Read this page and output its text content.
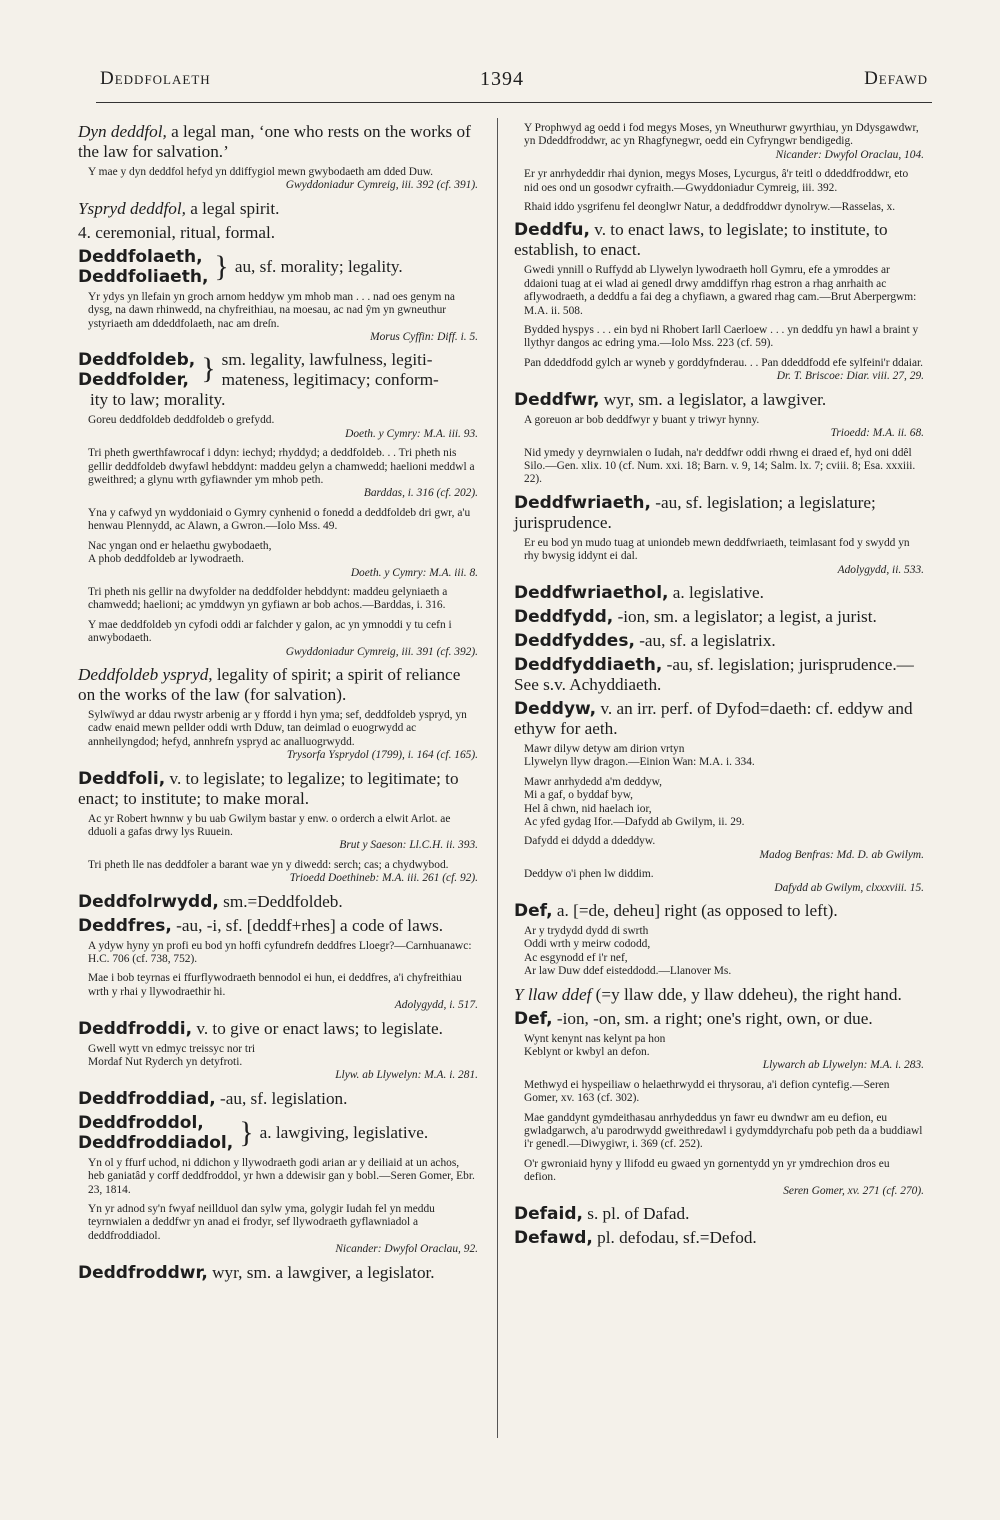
Deddfolaeth	1394	Defawd

Dyn deddfol, a legal man, ‘one who rests on the works of the law for salvation.’

Y mae y dyn deddfol hefyd yn ddiffygiol mewn gwybodaeth am dded Duw.
Gwyddoniadur Cymreig, iii. 392 (cf. 391).

Yspryd deddfol, a legal spirit.

4. ceremonial, ritual, formal.

Deddfolaeth,
Deddfoliaeth, } au, sf. morality; legality.
Yr ydys yn llefain yn groch arnom heddyw ym mhob man . . . nad oes genym na dysg, na dawn rhinwedd, na chyfreithiau, na moesau, ac nad ŷm yn gwneuthur ystyriaeth am ddeddfolaeth, nac am dreſn.
Morus Cyffin: Diff. i. 5.
Deddfoldeb,
Deddfolder, } sm. legality, lawfulness, legiti-
mateness, legitimacy; conform-
ity to law; morality.
Goreu deddfoldeb deddfoldeb o grefydd.
Doeth. y Cymry: M.A. iii. 93.
Tri pheth gwerthfawrocaf i ddyn: iechyd; rhyddyd; a deddfoldeb. . . Tri pheth nis gellir deddfoldeb dwyfawl hebddynt: maddeu gelyn a chamwedd; haelioni meddwl a gweithred; a glynu wrth gyfiawnder ym mhob peth.
Barddas, i. 316 (cf. 202).
Yna y cafwyd yn wyddoniaid o Gymry cynhenid o fonedd a deddfoldeb dri gwr, a'u henwau Plennydd, ac Alawn, a Gwron.—Iolo Mss. 49.
Nac yngan ond er helaethu gwybodaeth,
A phob deddfoldeb ar lywodraeth.
Doeth. y Cymry: M.A. iii. 8.
Tri pheth nis gellir na dwyfolder na deddfolder hebddynt: maddeu gelyniaeth a chamwedd; haelioni; ac ymddwyn yn gyfiawn ar bob achos.—Barddas, i. 316.
Y mae deddfoldeb yn cyfodi oddi ar falchder y galon, ac yn ymnoddi y tu cefn i anwybodaeth.
Gwyddoniadur Cymreig, iii. 391 (cf. 392).

Deddfoldeb yspryd, legality of spirit; a spirit of reliance on the works of the law (for salvation).

Sylwïwyd ar ddau rwystr arbenig ar y ffordd i hyn yma; sef, deddfoldeb yspryd, yn cadw enaid mewn pellder oddi wrth Dduw, tan deimlad o euogrwydd ac annheilyngdod; hefyd, annhrefn yspryd ac analluogrwydd.
Trysorfa Ysprydol (1799), i. 164 (cf. 165).

Deddfoli, v. to legislate; to legalize; to legitimate; to enact; to institute; to make moral.

Ac yr Robert hwnnw y bu uab Gwilym bastar y enw. o orderch a elwit Arlot. ae dduoli a gafas drwy lys Ruuein.
Brut y Saeson: Ll.C.H. ii. 393.
Tri pheth lle nas deddfoler a barant wae yn y diwedd: serch; cas; a chydwybod.
Trioedd Doethineb: M.A. iii. 261 (cf. 92).

Deddfolrwydd, sm.=Deddfoldeb.

Deddfres, -au, -i, sf. [deddf+rhes] a code of laws.

A ydyw hyny yn profi eu bod yn hoffi cyfundrefn deddfres Lloegr?—Carnhuanawc: H.C. 706 (cf. 738, 752).
Mae i bob teyrnas ei ffurflywodraeth bennodol ei hun, ei deddfres, a'i chyfreithiau wrth y rhai y llywodraethir hi.
Adolygydd, i. 517.

Deddfroddi, v. to give or enact laws; to legislate.

Gwell wytt vn edmyc treissyc nor tri
Mordaf Nut Ryderch yn detyfroti.
Llyw. ab Llywelyn: M.A. i. 281.

Deddfroddiad, -au, sf. legislation.

Deddfroddol,
Deddfroddiadol, } a. lawgiving, legislative.
Yn ol y ffurf uchod, ni ddichon y llywodraeth godi arian ar y deiliaid at un achos, heb ganiatâd y corff deddfroddol, yr hwn a ddewisir gan y bobl.—Seren Gomer, Ebr. 23, 1814.
Yn yr adnod sy'n fwyaf neillduol dan sylw yma, golygir Iudah fel yn meddu teyrnwialen a deddfwr yn anad ei frodyr, sef llywodraeth gyflawniadol a deddfroddiadol.
Nicander: Dwyfol Oraclau, 92.

Deddfroddwr, wyr, sm. a lawgiver, a legislator.

Y Prophwyd ag oedd i fod megys Moses, yn Wneuthurwr gwyrthiau, yn Ddysgawdwr, yn Ddeddfroddwr, ac yn Rhagfynegwr, oedd ein Cyfryngwr bendigedig.
Nicander: Dwyfol Oraclau, 104.
Er yr anrhydeddir rhai dynion, megys Moses, Lycurgus, â'r teitl o ddeddfroddwr, eto nid oes ond un gosodwr cyfraith.—Gwyddoniadur Cymreig, iii. 392.
Rhaid iddo ysgrifenu fel deonglwr Natur, a deddfroddwr dynolryw.—Rasselas, x.

Deddfu, v. to enact laws, to legislate; to institute, to establish, to enact.

Gwedi ynnill o Ruffydd ab Llywelyn lywodraeth holl Gymru, efe a ymroddes ar ddaioni tuag at ei wlad ai genedl drwy amddiffyn rhag estron a rhag anrhaith ac aflywodraeth, a deddfu a fai deg a chyfiawn, a gwared rhag cam.—Brut Aberpergwm: M.A. ii. 508.
Bydded hyspys . . . ein byd ni Rhobert Iarll Caerloew . . . yn deddfu yn hawl a braint y llythyr dangos ac edring yma.—Iolo Mss. 223 (cf. 59).
Pan ddeddfodd gylch ar wyneb y gorddyfnderau. . . Pan ddeddfodd efe sylfeini'r ddaiar.
Dr. T. Briscoe: Diar. viii. 27, 29.

Deddfwr, wyr, sm. a legislator, a lawgiver.

A goreuon ar bob deddfwyr y buant y triwyr hynny.
Trioedd: M.A. ii. 68.
Nid ymedy y deyrnwialen o Iudah, na'r deddfwr oddi rhwng ei draed ef, hyd oni ddêl Silo.—Gen. xlix. 10 (cf. Num. xxi. 18; Barn. v. 9, 14; Salm. lx. 7; cviii. 8; Esa. xxxiii. 22).

Deddfwriaeth, -au, sf. legislation; a legislature; jurisprudence.

Er eu bod yn mudo tuag at uniondeb mewn deddfwriaeth, teimlasant fod y swydd yn rhy bwysig iddynt ei dal.
Adolygydd, ii. 533.

Deddfwriaethol, a. legislative.

Deddfydd, -ion, sm. a legislator; a legist, a jurist.

Deddfyddes, -au, sf. a legislatrix.

Deddfyddiaeth, -au, sf. legislation; jurisprudence.—See s.v. Achyddiaeth.

Deddyw, v. an irr. perf. of Dyfod=daeth: cf. eddyw and ethyw for aeth.

Mawr dilyw detyw am dirion vrtyn
Llywelyn llyw dragon.—Einion Wan: M.A. i. 334.
Mawr anrhydedd a'm deddyw,
Mi a gaf, o byddaf byw,
Hel â chwn, nid haelach ior,
Ac yfed gydag Ifor.—Dafydd ab Gwilym, ii. 29.
Dafydd ei ddydd a ddeddyw.
Madog Benfras: Md. D. ab Gwilym.
Deddyw o'i phen lw diddim.
Dafydd ab Gwilym, clxxxviii. 15.

Def, a. [=de, deheu] right (as opposed to left).

Ar y trydydd dydd di swrth
Oddi wrth y meirw cododd,
Ac esgynodd ef i'r nef,
Ar law Duw ddef eisteddodd.—Llanover Ms.

Y llaw ddef (=y llaw dde, y llaw ddeheu), the right hand.

Def, -ion, -on, sm. a right; one's right, own, or due.

Wynt kenynt nas kelynt pa hon
Keblynt or kwbyl an defon.
Llywarch ab Llywelyn: M.A. i. 283.
Methwyd ei hyspeiliaw o helaethrwydd ei thrysorau, a'i defion cyntefig.—Seren Gomer, xv. 163 (cf. 302).
Mae ganddynt gymdeithasau anrhydeddus yn fawr eu dwndwr am eu defion, eu gwladgarwch, a'u parodrwydd gweithredawl i gydymddyrchafu pob peth da a buddiawl i'r genedl.—Diwygiwr, i. 369 (cf. 252).
O'r gwroniaid hyny y llifodd eu gwaed yn gornentydd yn yr ymdrechion dros eu defion.
Seren Gomer, xv. 271 (cf. 270).

Defaid, s. pl. of Dafad.

Defawd, pl. defodau, sf.=Defod.
